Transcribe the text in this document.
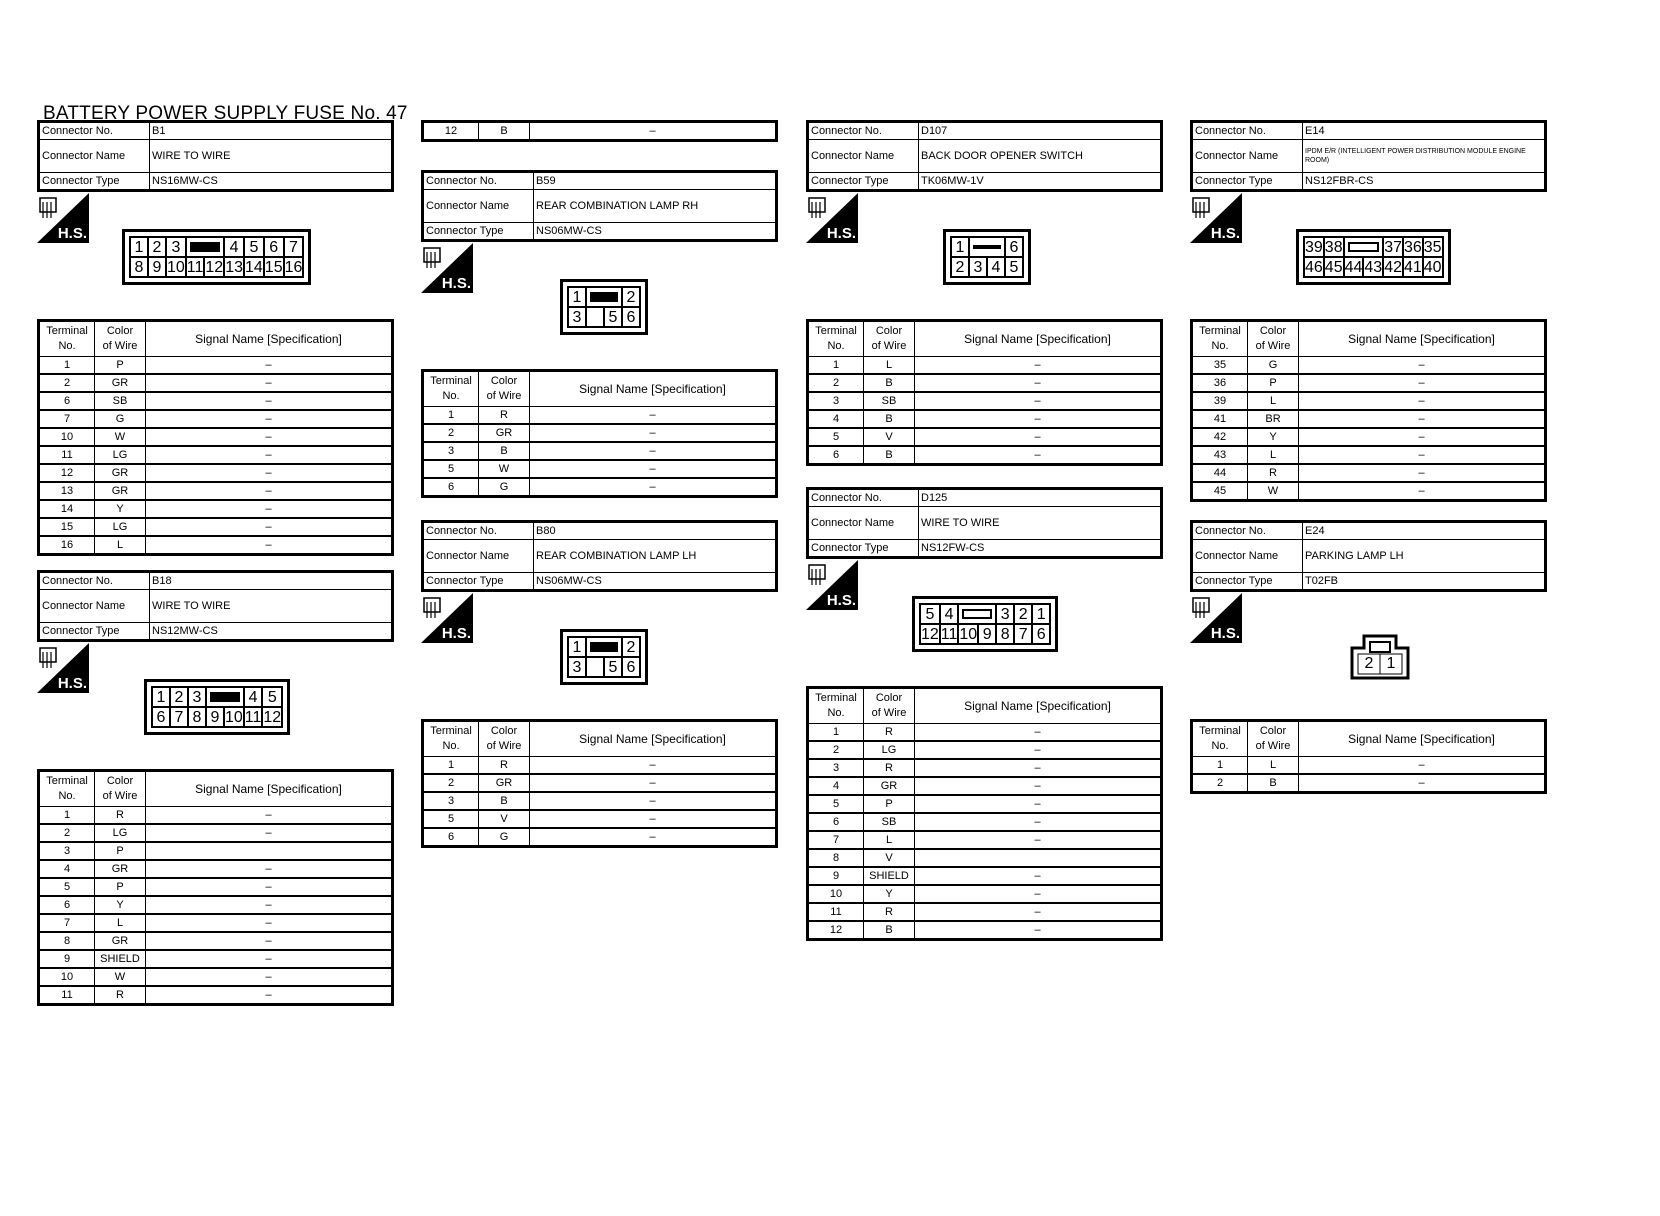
BATTERY POWER SUPPLY FUSE No. 47
Connector No.	B1
Connector Name	WIRE TO WIRE
Connector Type	NS16MW-CS
H.S.
1 2 3	4 5 6 7
8 9 10 11 12 13 14 15 16
Terminal
No.	Color
of Wire	Signal Name [Specification]
1	P	–
2	GR	–
6	SB	–
7	G	–
10	W	–
11	LG	–
12	GR	–
13	GR	–
14	Y	–
15	LG	–
16	L	–
Connector No.	B18
Connector Name	WIRE TO WIRE
Connector Type	NS12MW-CS
H.S.
1 2 3	4 5
6 7 8 9 10 11 12
Terminal
No.	Color
of Wire	Signal Name [Specification]
1	R	–
2	LG	–
3	P	
4	GR	–
5	P	–
6	Y	–
7	L	–
8	GR	–
9	SHIELD	–
10	W	–
11	R	–
12	B	–
Connector No.	B59
Connector Name	REAR COMBINATION LAMP RH
Connector Type	NS06MW-CS
H.S.
1	2
3 5 6
Terminal
No.	Color
of Wire	Signal Name [Specification]
1	R	–
2	GR	–
3	B	–
5	W	–
6	G	–
Connector No.	B80
Connector Name	REAR COMBINATION LAMP LH
Connector Type	NS06MW-CS
H.S.
1	2
3 5 6
Terminal
No.	Color
of Wire	Signal Name [Specification]
1	R	–
2	GR	–
3	B	–
5	V	–
6	G	–
Connector No.	D107
Connector Name	BACK DOOR OPENER SWITCH
Connector Type	TK06MW-1V
H.S.
1	6
2 3 4 5
Terminal
No.	Color
of Wire	Signal Name [Specification]
1	L	–
2	B	–
3	SB	–
4	B	–
5	V	–
6	B	–
Connector No.	D125
Connector Name	WIRE TO WIRE
Connector Type	NS12FW-CS
H.S.
5 4	3 2 1
12 11 10 9 8 7 6
Terminal
No.	Color
of Wire	Signal Name [Specification]
1	R	–
2	LG	–
3	R	–
4	GR	–
5	P	–
6	SB	–
7	L	–
8	V	
9	SHIELD	–
10	Y	–
11	R	–
12	B	–
Connector No.	E14
Connector Name	IPDM E/R (INTELLIGENT POWER DISTRIBUTION MODULE ENGINE ROOM)
Connector Type	NS12FBR-CS
H.S.
39 38	37 36 35
46 45 44 43 42 41 40
Terminal
No.	Color
of Wire	Signal Name [Specification]
35	G	–
36	P	–
39	L	–
41	BR	–
42	Y	–
43	L	–
44	R	–
45	W	–
Connector No.	E24
Connector Name	PARKING LAMP LH
Connector Type	T02FB
H.S.
2 1
Terminal
No.	Color
of Wire	Signal Name [Specification]
1	L	–
2	B	–
